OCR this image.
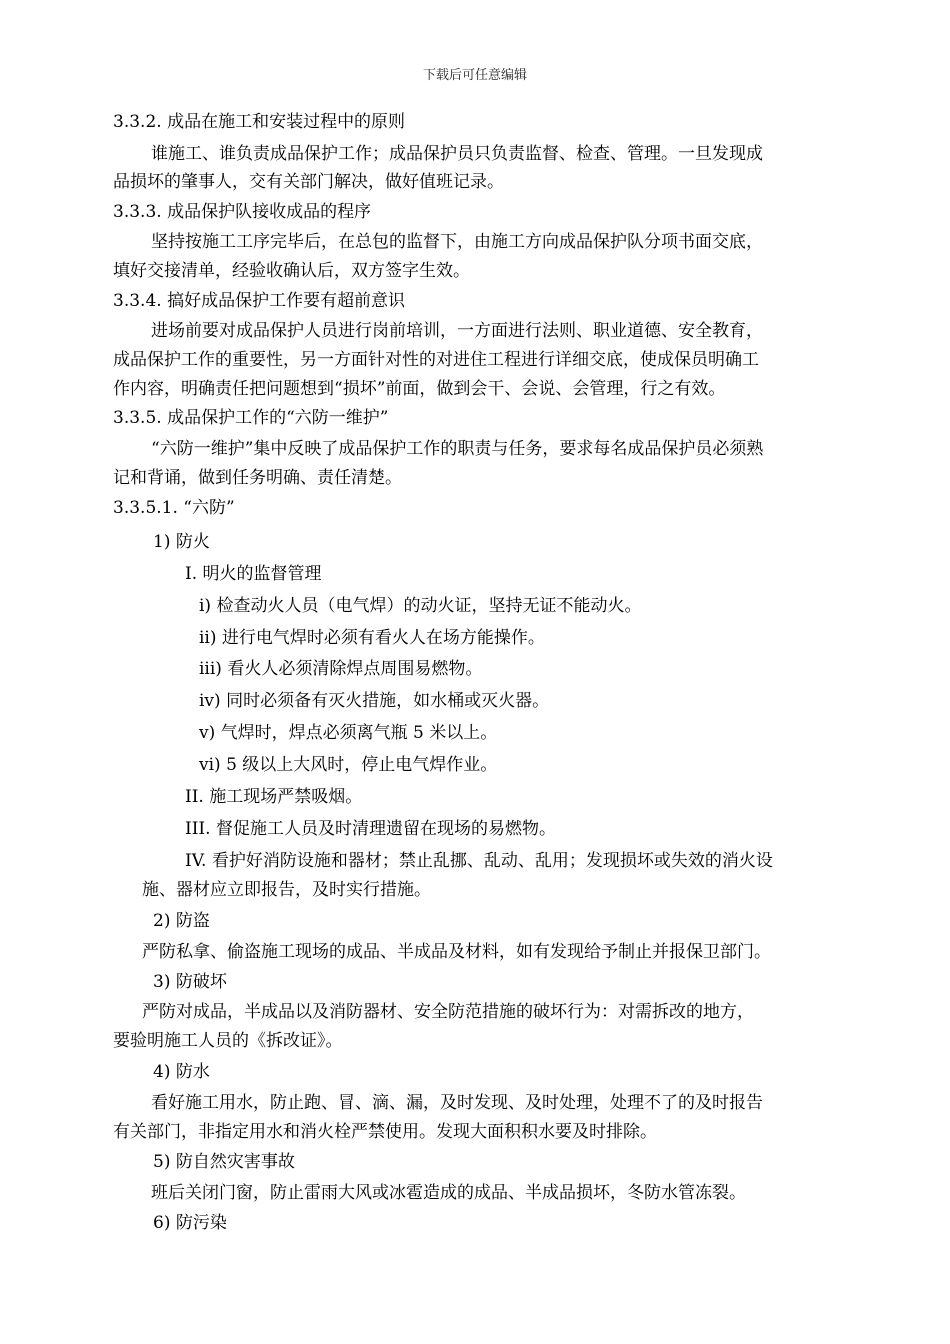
下载后可任意编辑
3.3.2. 成品在施工和安装过程中的原则
谁施工、谁负责成品保护工作；成品保护员只负责监督、检查、管理。一旦发现成
品损坏的肇事人，交有关部门解决，做好值班记录。
3.3.3. 成品保护队接收成品的程序
坚持按施工工序完毕后，在总包的监督下，由施工方向成品保护队分项书面交底，
填好交接清单，经验收确认后，双方签字生效。
3.3.4. 搞好成品保护工作要有超前意识
进场前要对成品保护人员进行岗前培训，一方面进行法则、职业道德、安全教育，
成品保护工作的重要性，另一方面针对性的对进住工程进行详细交底，使成保员明确工
作内容，明确责任把问题想到“损坏”前面，做到会干、会说、会管理，行之有效。
3.3.5. 成品保护工作的“六防一维护”
“六防一维护”集中反映了成品保护工作的职责与任务，要求每名成品保护员必须熟
记和背诵，做到任务明确、责任清楚。
3.3.5.1. “六防”
1) 防火
I. 明火的监督管理
i) 检查动火人员（电气焊）的动火证，坚持无证不能动火。
ii) 进行电气焊时必须有看火人在场方能操作。
iii) 看火人必须清除焊点周围易燃物。
iv) 同时必须备有灭火措施，如水桶或灭火器。
v) 气焊时，焊点必须离气瓶 5 米以上。
vi) 5 级以上大风时，停止电气焊作业。
II. 施工现场严禁吸烟。
III. 督促施工人员及时清理遗留在现场的易燃物。
IV. 看护好消防设施和器材；禁止乱挪、乱动、乱用；发现损坏或失效的消火设
施、器材应立即报告，及时实行措施。
2) 防盗
严防私拿、偷盗施工现场的成品、半成品及材料，如有发现给予制止并报保卫部门。
3) 防破坏
严防对成品，半成品以及消防器材、安全防范措施的破坏行为：对需拆改的地方，
要验明施工人员的《拆改证》。
4) 防水
看好施工用水，防止跑、冒、滴、漏，及时发现、及时处理，处理不了的及时报告
有关部门，非指定用水和消火栓严禁使用。发现大面积积水要及时排除。
5) 防自然灾害事故
班后关闭门窗，防止雷雨大风或冰雹造成的成品、半成品损坏，冬防水管冻裂。
6) 防污染
